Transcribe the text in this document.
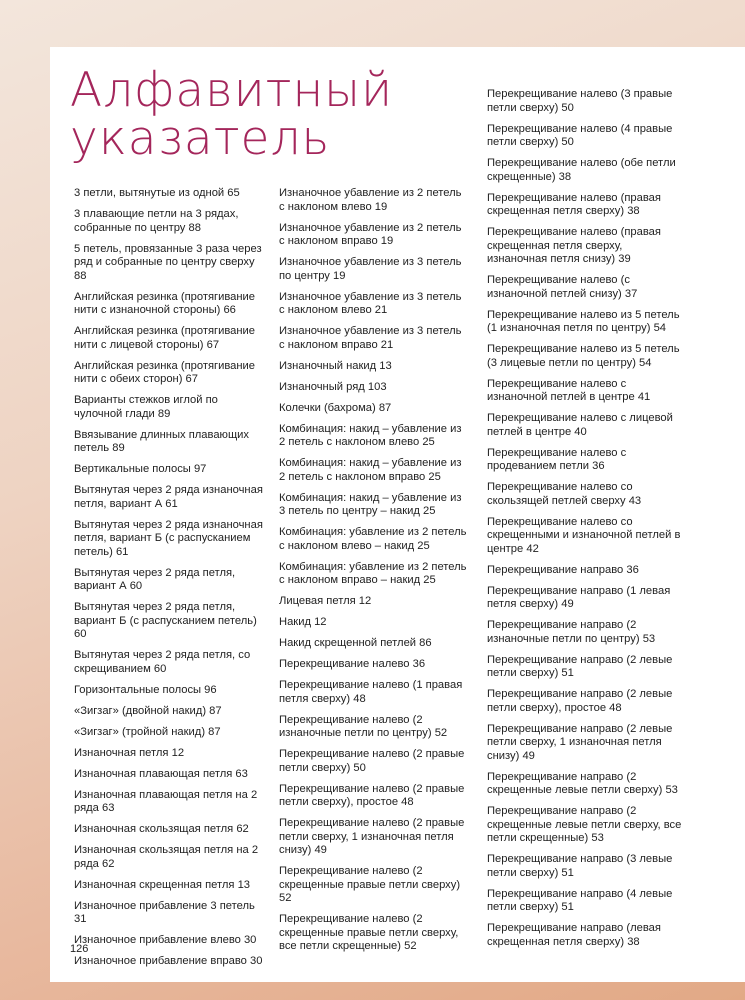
Алфавитный
указатель

3 петли, вытянутые из одной 65

3 плавающие петли на 3 рядах, собранные по центру 88

5 петель, провязанные 3 раза через ряд и собранные по центру сверху 88

Английская резинка (протягивание нити с изнаночной стороны) 66

Английская резинка (протягивание нити с лицевой стороны) 67

Английская резинка (протягивание нити с обеих сторон) 67

Варианты стежков иглой по чулочной глади 89

Ввязывание длинных плавающих петель 89

Вертикальные полосы 97

Вытянутая через 2 ряда изнаночная петля, вариант А 61

Вытянутая через 2 ряда изнаночная петля, вариант Б (с распусканием петель) 61

Вытянутая через 2 ряда петля, вариант А 60

Вытянутая через 2 ряда петля, вариант Б (с распусканием петель) 60

Вытянутая через 2 ряда петля, со скрещиванием 60

Горизонтальные полосы 96

«Зигзаг» (двойной накид) 87

«Зигзаг» (тройной накид) 87

Изнаночная петля 12

Изнаночная плавающая петля 63

Изнаночная плавающая петля на 2 ряда 63

Изнаночная скользящая петля 62

Изнаночная скользящая петля на 2 ряда 62

Изнаночная скрещенная петля 13

Изнаночное прибавление 3 петель 31

Изнаночное прибавление влево 30

Изнаночное прибавление вправо 30

Изнаночное убавление из 2 петель с наклоном влево 19

Изнаночное убавление из 2 петель с наклоном вправо 19

Изнаночное убавление из 3 петель по центру 19

Изнаночное убавление из 3 петель с наклоном влево 21

Изнаночное убавление из 3 петель с наклоном вправо 21

Изнаночный накид 13

Изнаночный ряд 103

Колечки (бахрома) 87

Комбинация: накид – убавление из 2 петель с наклоном влево 25

Комбинация: накид – убавление из 2 петель с наклоном вправо 25

Комбинация: накид – убавление из 3 петель по центру – накид 25

Комбинация: убавление из 2 петель с наклоном влево – накид 25

Комбинация: убавление из 2 петель с наклоном вправо – накид 25

Лицевая петля 12

Накид 12

Накид скрещенной петлей 86

Перекрещивание налево 36

Перекрещивание налево (1 правая петля сверху) 48

Перекрещивание налево (2 изнаночные петли по центру) 52

Перекрещивание налево (2 правые петли сверху) 50

Перекрещивание налево (2 правые петли сверху), простое 48

Перекрещивание налево (2 правые петли сверху, 1 изнаночная петля снизу) 49

Перекрещивание налево (2 скрещенные правые петли сверху) 52

Перекрещивание налево (2 скрещенные правые петли сверху, все петли скрещенные) 52

Перекрещивание налево (3 правые петли сверху) 50

Перекрещивание налево (4 правые петли сверху) 50

Перекрещивание налево (обе петли скрещенные) 38

Перекрещивание налево (правая скрещенная петля сверху) 38

Перекрещивание налево (правая скрещенная петля сверху, изнаночная петля снизу) 39

Перекрещивание налево (с изнаночной петлей снизу) 37

Перекрещивание налево из 5 петель (1 изнаночная петля по центру) 54

Перекрещивание налево из 5 петель (3 лицевые петли по центру) 54

Перекрещивание налево с изнаночной петлей в центре 41

Перекрещивание налево с лицевой петлей в центре 40

Перекрещивание налево с продеванием петли 36

Перекрещивание налево со скользящей петлей сверху 43

Перекрещивание налево со скрещенными и изнаночной петлей в центре 42

Перекрещивание направо 36

Перекрещивание направо (1 левая петля сверху) 49

Перекрещивание направо (2 изнаночные петли по центру) 53

Перекрещивание направо (2 левые петли сверху) 51

Перекрещивание направо (2 левые петли сверху), простое 48

Перекрещивание направо (2 левые петли сверху, 1 изнаночная петля снизу) 49

Перекрещивание направо (2 скрещенные левые петли сверху) 53

Перекрещивание направо (2 скрещенные левые петли сверху, все петли скрещенные) 53

Перекрещивание направо (3 левые петли сверху) 51

Перекрещивание направо (4 левые петли сверху) 51

Перекрещивание направо (левая скрещенная петля сверху) 38

126
